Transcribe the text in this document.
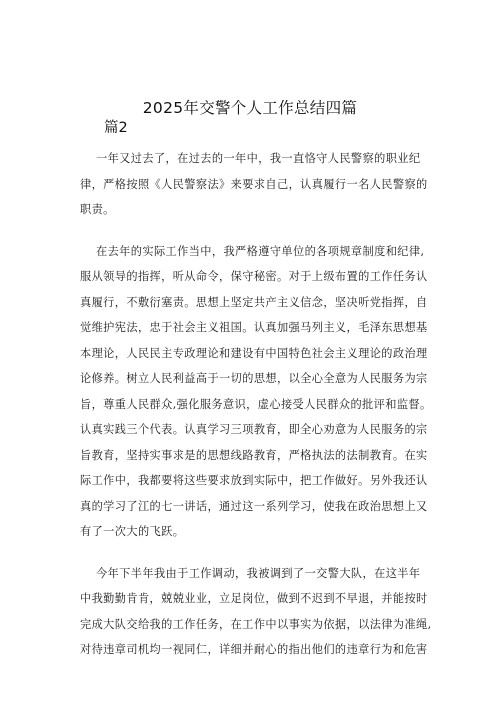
2025年交警个人工作总结四篇
篇2
一年又过去了，在过去的一年中，我一直恪守人民警察的职业纪
律，严格按照《人民警察法》来要求自己，认真履行一名人民警察的
职责。
在去年的实际工作当中，我严格遵守单位的各项规章制度和纪律,
服从领导的指挥，听从命令，保守秘密。对于上级布置的工作任务认
真履行，不敷衍塞责。思想上坚定共产主义信念，坚决听党指挥，自
觉维护宪法，忠于社会主义祖国。认真加强马列主义，毛泽东思想基
本理论，人民民主专政理论和建设有中国特色社会主义理论的政治理
论修养。树立人民利益高于一切的思想，以全心全意为人民服务为宗
旨，尊重人民群众,强化服务意识，虚心接受人民群众的批评和监督。
认真实践三个代表。认真学习三项教育，即全心劝意为人民服务的宗
旨教育，坚持实事求是的思想线路教育，严格执法的法制教育。在实
际工作中，我都要将这些要求放到实际中，把工作做好。另外我还认
真的学习了江的七一讲话，通过这一系列学习，使我在政治思想上又
有了一次大的飞跃。
今年下半年我由于工作调动，我被调到了一交警大队，在这半年
中我勤勤肯肯，兢兢业业，立足岗位，做到不迟到不早退，并能按时
完成大队交给我的工作任务，在工作中以事实为依据，以法律为准绳,
对待违章司机均一视同仁，详细并耐心的指出他们的违章行为和危害
